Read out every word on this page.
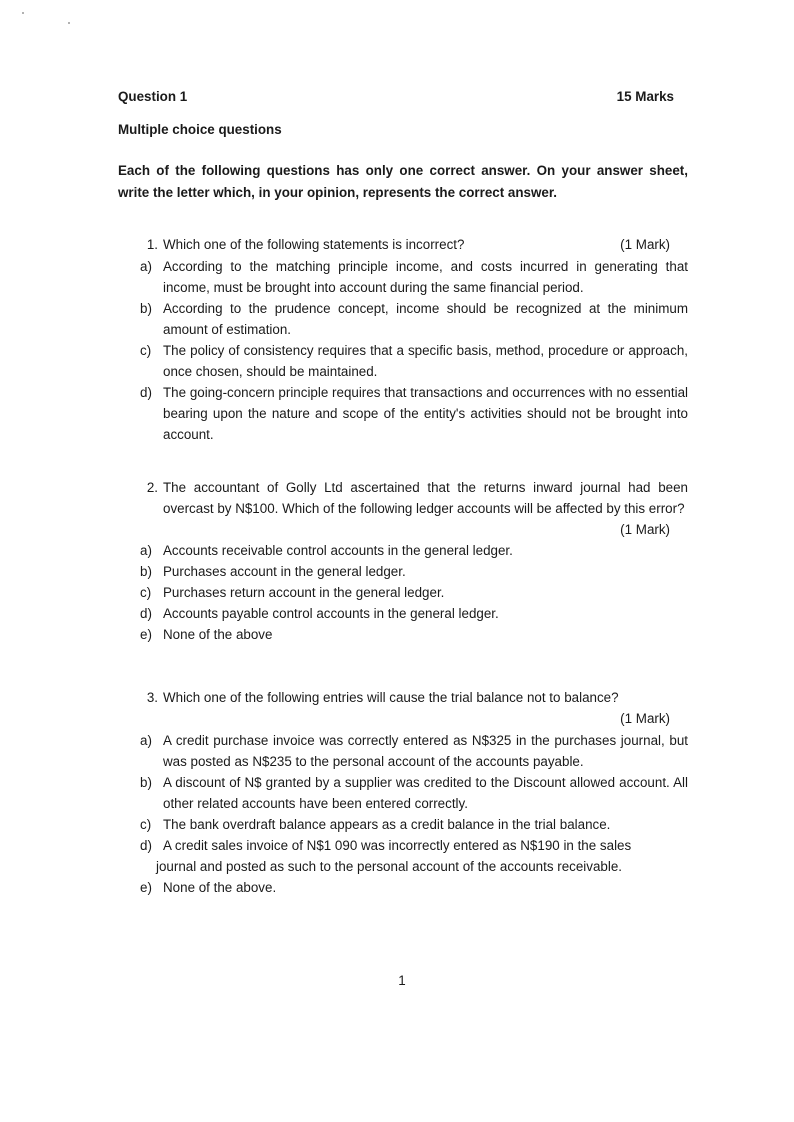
Question 1	15 Marks
Multiple choice questions
Each of the following questions has only one correct answer. On your answer sheet, write the letter which, in your opinion, represents the correct answer.
1. Which one of the following statements is incorrect?	(1 Mark)
a) According to the matching principle income, and costs incurred in generating that income, must be brought into account during the same financial period.
b) According to the prudence concept, income should be recognized at the minimum amount of estimation.
c) The policy of consistency requires that a specific basis, method, procedure or approach, once chosen, should be maintained.
d) The going-concern principle requires that transactions and occurrences with no essential bearing upon the nature and scope of the entity's activities should not be brought into account.
2. The accountant of Golly Ltd ascertained that the returns inward journal had been overcast by N$100. Which of the following ledger accounts will be affected by this error?
(1 Mark)
a) Accounts receivable control accounts in the general ledger.
b) Purchases account in the general ledger.
c) Purchases return account in the general ledger.
d) Accounts payable control accounts in the general ledger.
e) None of the above
3. Which one of the following entries will cause the trial balance not to balance?
(1 Mark)
a) A credit purchase invoice was correctly entered as N$325 in the purchases journal, but was posted as N$235 to the personal account of the accounts payable.
b) A discount of N$ granted by a supplier was credited to the Discount allowed account. All other related accounts have been entered correctly.
c) The bank overdraft balance appears as a credit balance in the trial balance.
d) A credit sales invoice of N$1 090 was incorrectly entered as N$190 in the sales
journal and posted as such to the personal account of the accounts receivable.
e) None of the above.
1
